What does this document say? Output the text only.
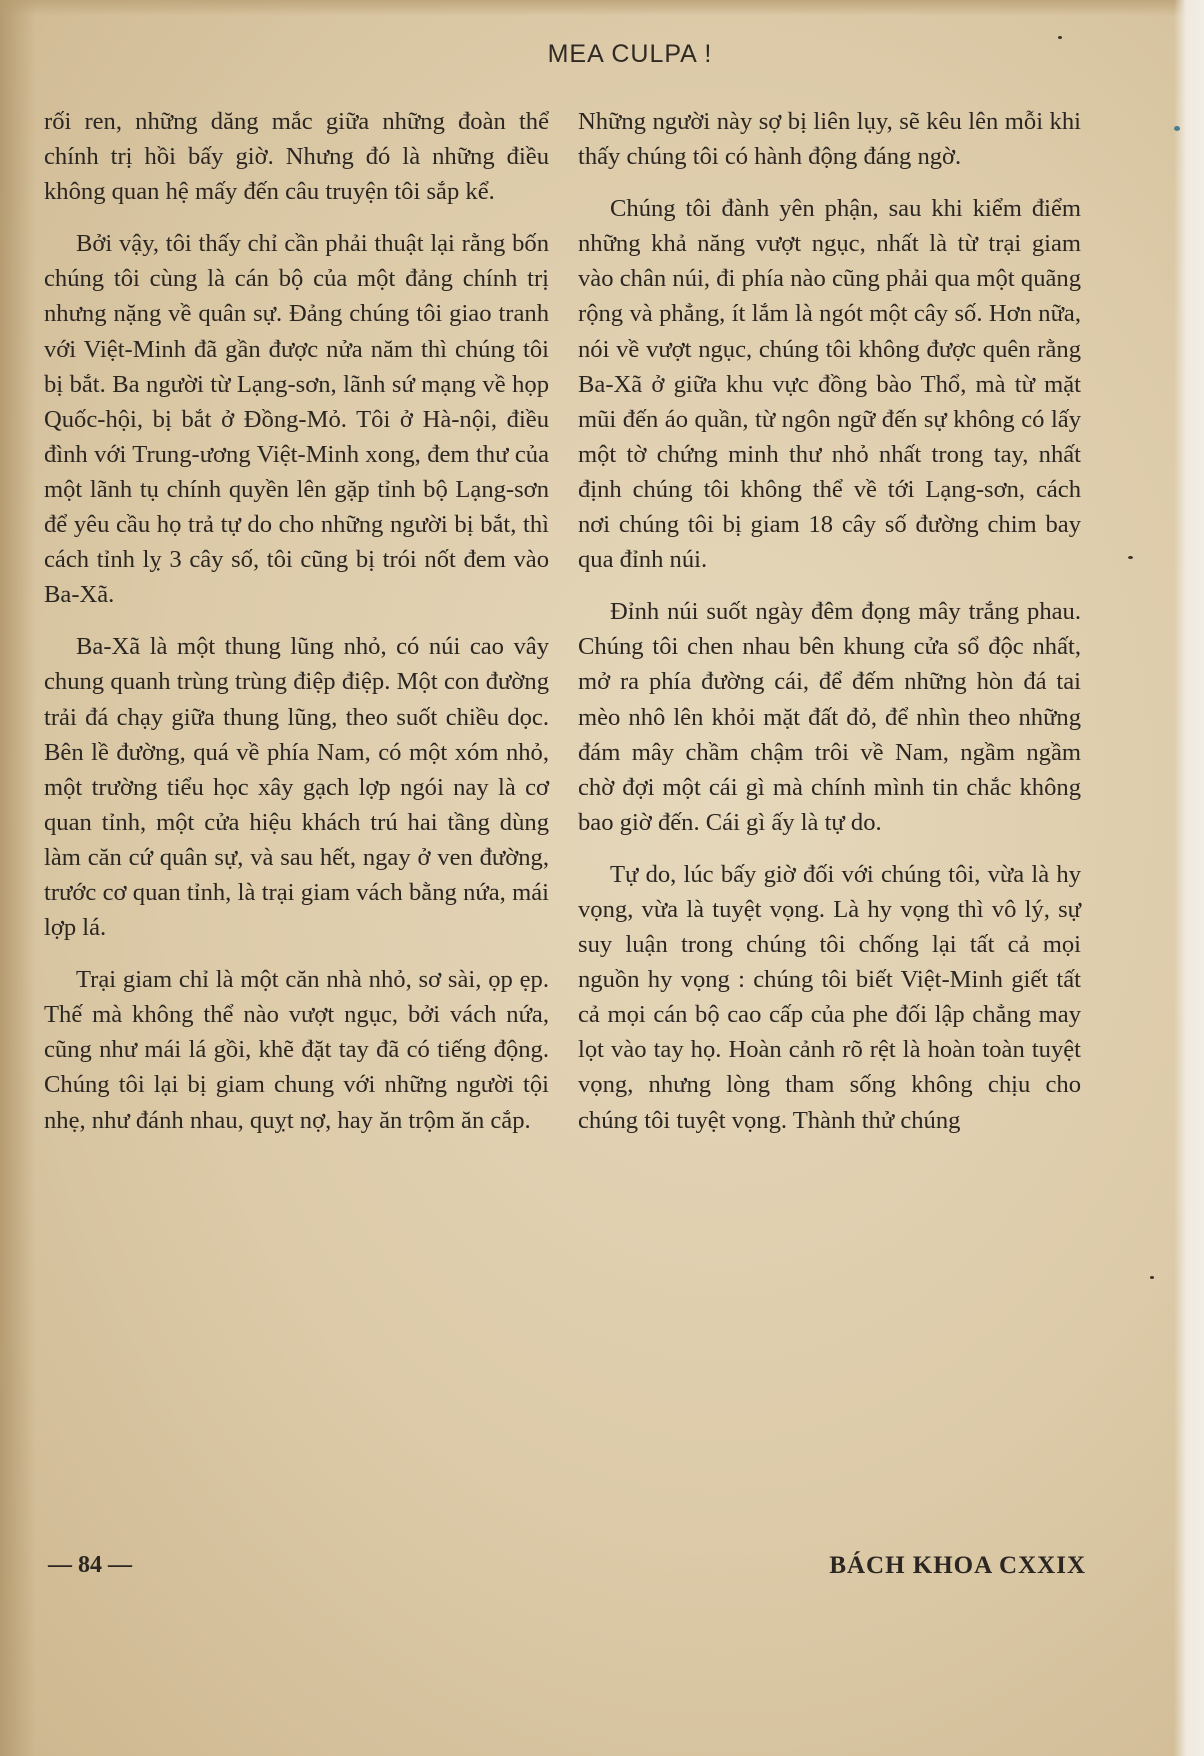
MEA CULPA !

rối ren, những dăng mắc giữa những đoàn thể chính trị hồi bấy giờ. Nhưng đó là những điều không quan hệ mấy đến câu truyện tôi sắp kể.

Bởi vậy, tôi thấy chỉ cần phải thuật lại rằng bốn chúng tôi cùng là cán bộ của một đảng chính trị nhưng nặng về quân sự. Đảng chúng tôi giao tranh với Việt-Minh đã gần được nửa năm thì chúng tôi bị bắt. Ba người từ Lạng-sơn, lãnh sứ mạng về họp Quốc-hội, bị bắt ở Đồng-Mỏ. Tôi ở Hà-nội, điều đình với Trung-ương Việt-Minh xong, đem thư của một lãnh tụ chính quyền lên gặp tỉnh bộ Lạng-sơn để yêu cầu họ trả tự do cho những người bị bắt, thì cách tỉnh lỵ 3 cây số, tôi cũng bị trói nốt đem vào Ba-Xã.

Ba-Xã là một thung lũng nhỏ, có núi cao vây chung quanh trùng trùng điệp điệp. Một con đường trải đá chạy giữa thung lũng, theo suốt chiều dọc. Bên lề đường, quá về phía Nam, có một xóm nhỏ, một trường tiểu học xây gạch lợp ngói nay là cơ quan tỉnh, một cửa hiệu khách trú hai tầng dùng làm căn cứ quân sự, và sau hết, ngay ở ven đường, trước cơ quan tỉnh, là trại giam vách bằng nứa, mái lợp lá.

Trại giam chỉ là một căn nhà nhỏ, sơ sài, ọp ẹp. Thế mà không thể nào vượt ngục, bởi vách nứa, cũng như mái lá gồi, khẽ đặt tay đã có tiếng động. Chúng tôi lại bị giam chung với những người tội nhẹ, như đánh nhau, quỵt nợ, hay ăn trộm ăn cắp.

Những người này sợ bị liên lụy, sẽ kêu lên mỗi khi thấy chúng tôi có hành động đáng ngờ.

Chúng tôi đành yên phận, sau khi kiểm điểm những khả năng vượt ngục, nhất là từ trại giam vào chân núi, đi phía nào cũng phải qua một quãng rộng và phẳng, ít lắm là ngót một cây số. Hơn nữa, nói về vượt ngục, chúng tôi không được quên rằng Ba-Xã ở giữa khu vực đồng bào Thổ, mà từ mặt mũi đến áo quần, từ ngôn ngữ đến sự không có lấy một tờ chứng minh thư nhỏ nhất trong tay, nhất định chúng tôi không thể về tới Lạng-sơn, cách nơi chúng tôi bị giam 18 cây số đường chim bay qua đỉnh núi.

Đỉnh núi suốt ngày đêm đọng mây trắng phau. Chúng tôi chen nhau bên khung cửa sổ độc nhất, mở ra phía đường cái, để đếm những hòn đá tai mèo nhô lên khỏi mặt đất đỏ, để nhìn theo những đám mây chầm chậm trôi về Nam, ngầm ngầm chờ đợi một cái gì mà chính mình tin chắc không bao giờ đến. Cái gì ấy là tự do.

Tự do, lúc bấy giờ đối với chúng tôi, vừa là hy vọng, vừa là tuyệt vọng. Là hy vọng thì vô lý, sự suy luận trong chúng tôi chống lại tất cả mọi nguồn hy vọng : chúng tôi biết Việt-Minh giết tất cả mọi cán bộ cao cấp của phe đối lập chẳng may lọt vào tay họ. Hoàn cảnh rõ rệt là hoàn toàn tuyệt vọng, nhưng lòng tham sống không chịu cho chúng tôi tuyệt vọng. Thành thử chúng

— 84 —	BÁCH KHOA CXXIX
